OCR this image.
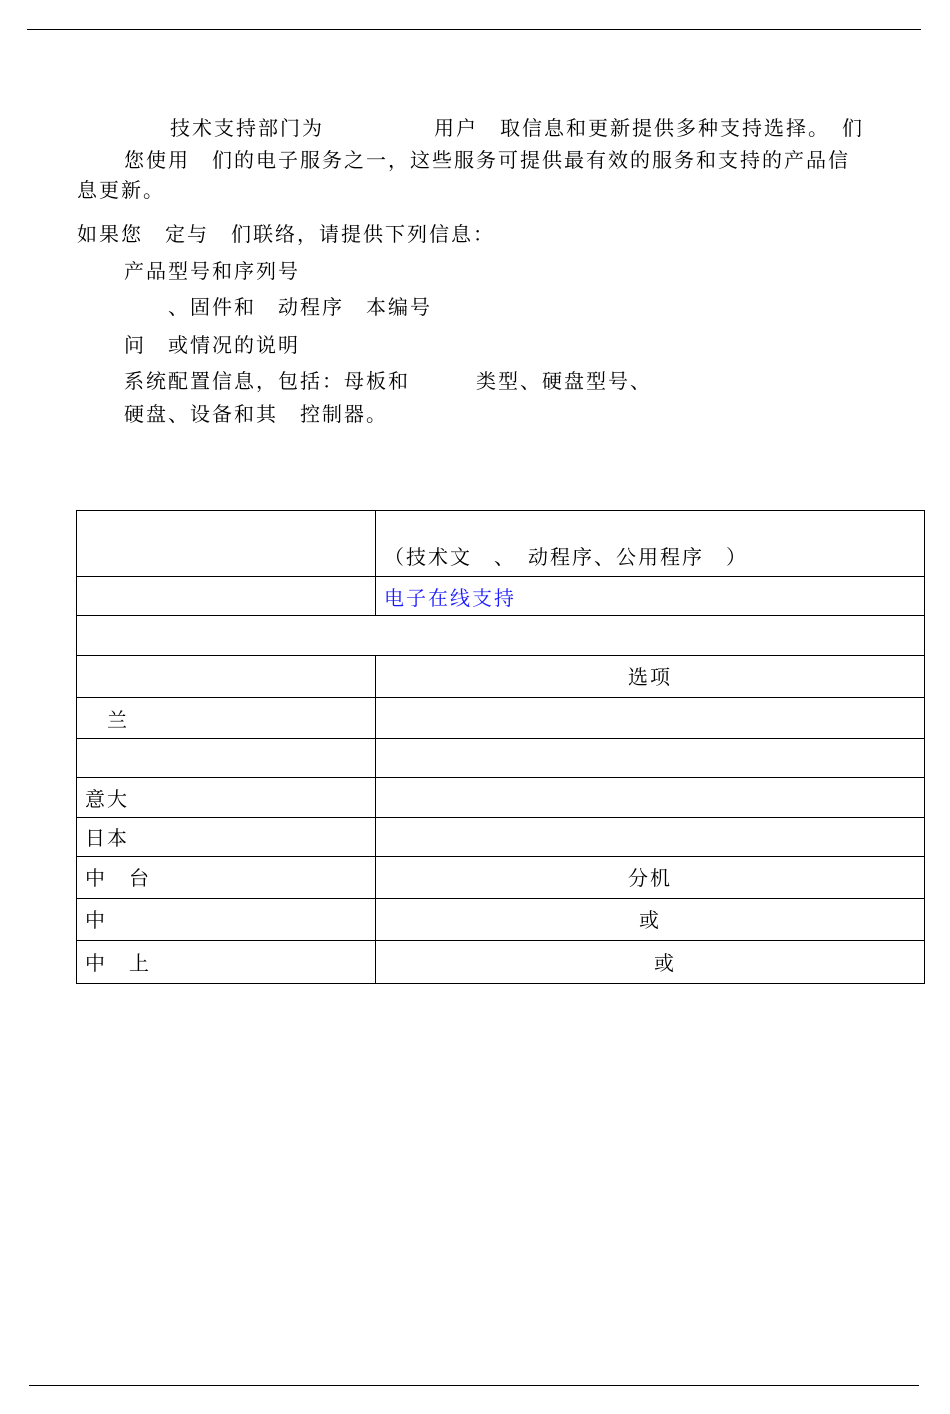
技术支持部门为　　　　　用户　取信息和更新提供多种支持选择。　们
您使用　们的电子服务之一，这些服务可提供最有效的服务和支持的产品信
息更新。
如果您　定与　们联络，请提供下列信息：
产品型号和序列号
　　、固件和　动程序　本编号
问　或情况的说明
系统配置信息，包括：母板和　　　类型、硬盘型号、
硬盘、设备和其　控制器。
	（技术文　、　动程序、公用程序　）
	电子在线支持

	选项
　兰	

意大	
日本	
中　台	分机
中	或
中　上	或
